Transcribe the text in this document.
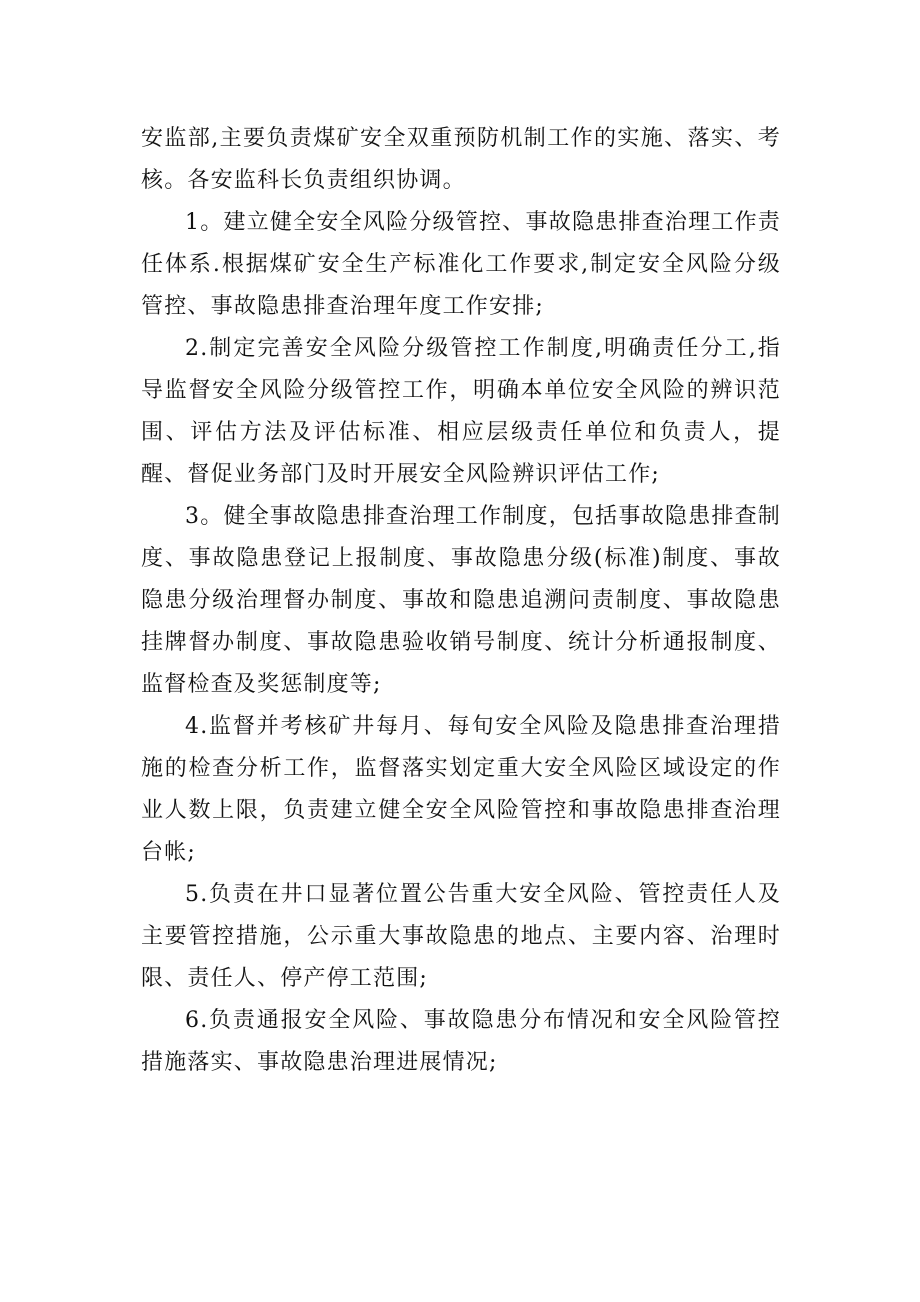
安监部,主要负责煤矿安全双重预防机制工作的实施、落实、考核。各安监科长负责组织协调。

1。建立健全安全风险分级管控、事故隐患排查治理工作责任体系.根据煤矿安全生产标准化工作要求,制定安全风险分级管控、事故隐患排查治理年度工作安排;

2.制定完善安全风险分级管控工作制度,明确责任分工,指导监督安全风险分级管控工作，明确本单位安全风险的辨识范围、评估方法及评估标准、相应层级责任单位和负责人，提醒、督促业务部门及时开展安全风险辨识评估工作;

3。健全事故隐患排查治理工作制度，包括事故隐患排查制度、事故隐患登记上报制度、事故隐患分级(标准)制度、事故隐患分级治理督办制度、事故和隐患追溯问责制度、事故隐患挂牌督办制度、事故隐患验收销号制度、统计分析通报制度、监督检查及奖惩制度等;

4.监督并考核矿井每月、每旬安全风险及隐患排查治理措施的检查分析工作，监督落实划定重大安全风险区域设定的作业人数上限，负责建立健全安全风险管控和事故隐患排查治理台帐;

5.负责在井口显著位置公告重大安全风险、管控责任人及主要管控措施，公示重大事故隐患的地点、主要内容、治理时限、责任人、停产停工范围;

6.负责通报安全风险、事故隐患分布情况和安全风险管控措施落实、事故隐患治理进展情况;
